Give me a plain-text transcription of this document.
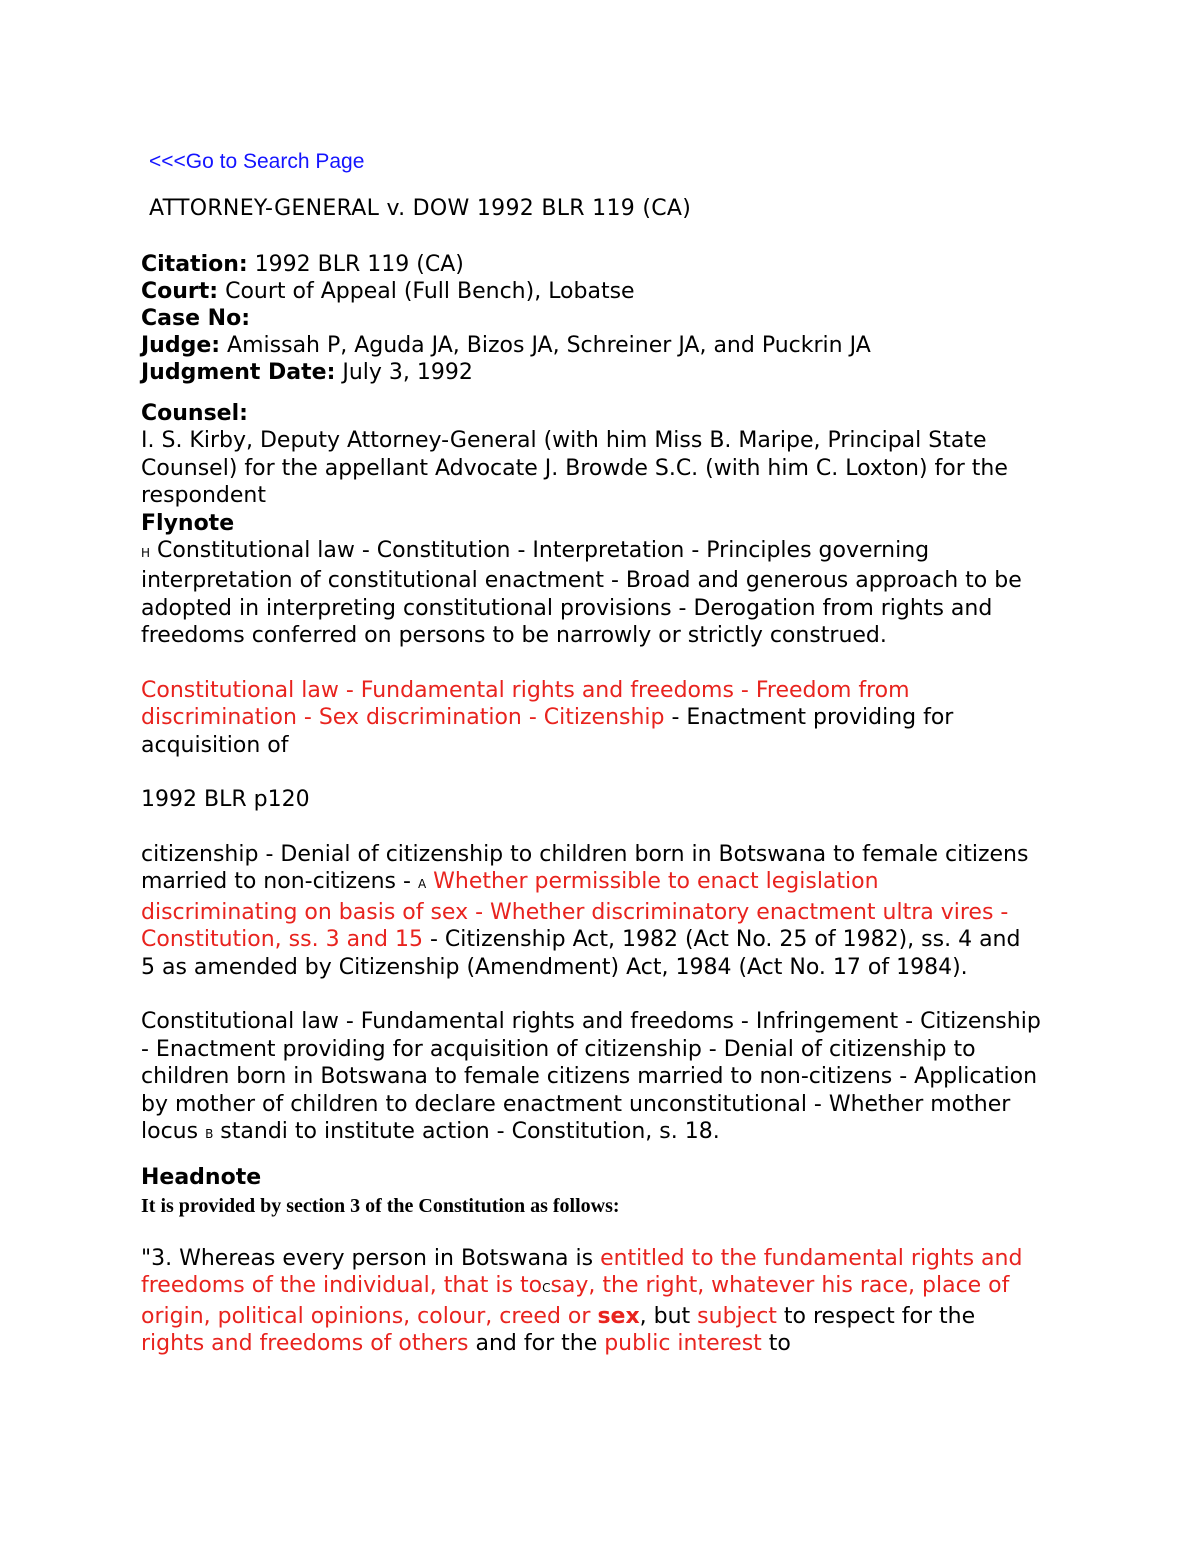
<<<Go to Search Page
ATTORNEY-GENERAL v. DOW 1992 BLR 119 (CA)
Citation: 1992 BLR 119 (CA)
Court: Court of Appeal (Full Bench), Lobatse
Case No:
Judge: Amissah P, Aguda JA, Bizos JA, Schreiner JA, and Puckrin JA
Judgment Date: July 3, 1992
Counsel:

I. S. Kirby, Deputy Attorney-General (with him Miss B. Maripe, Principal State Counsel) for the appellant Advocate J. Browde S.C. (with him C. Loxton) for the respondent

Flynote

H Constitutional law - Constitution - Interpretation - Principles governing interpretation of constitutional enactment - Broad and generous approach to be adopted in interpreting constitutional provisions - Derogation from rights and freedoms conferred on persons to be narrowly or strictly construed.

Constitutional law - Fundamental rights and freedoms - Freedom from discrimination - Sex discrimination - Citizenship - Enactment providing for acquisition of

1992 BLR p120

citizenship - Denial of citizenship to children born in Botswana to female citizens married to non-citizens - A Whether permissible to enact legislation discriminating on basis of sex - Whether discriminatory enactment ultra vires - Constitution, ss. 3 and 15 - Citizenship Act, 1982 (Act No. 25 of 1982), ss. 4 and 5 as amended by Citizenship (Amendment) Act, 1984 (Act No. 17 of 1984).

Constitutional law - Fundamental rights and freedoms - Infringement - Citizenship - Enactment providing for acquisition of citizenship - Denial of citizenship to children born in Botswana to female citizens married to non-citizens - Application by mother of children to declare enactment unconstitutional - Whether mother locus B standi to institute action - Constitution, s. 18.

Headnote
It is provided by section 3 of the Constitution as follows:

"3. Whereas every person in Botswana is entitled to the fundamental rights and freedoms of the individual, that is toCsay, the right, whatever his race, place of origin, political opinions, colour, creed or sex, but subject to respect for the rights and freedoms of others and for the public interest to
